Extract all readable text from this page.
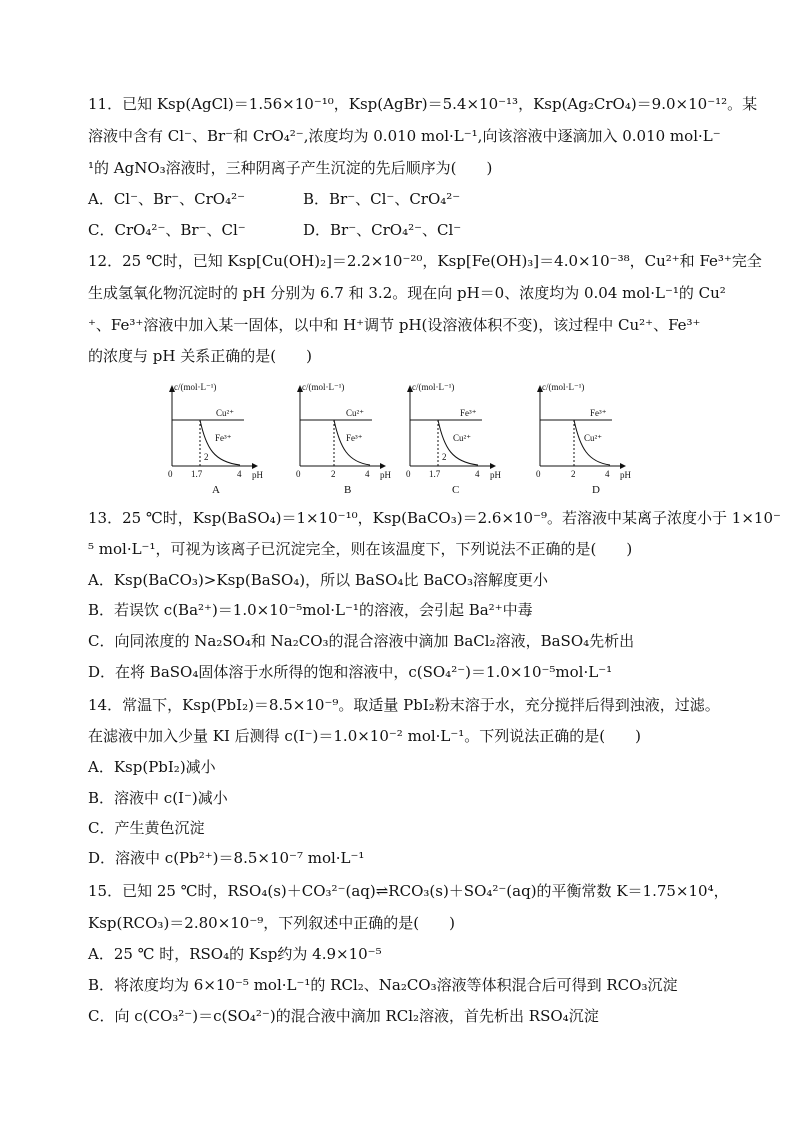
11．已知 Ksp(AgCl)＝1.56×10⁻¹⁰，Ksp(AgBr)＝5.4×10⁻¹³，Ksp(Ag₂CrO₄)＝9.0×10⁻¹²。某
溶液中含有 Cl⁻、Br⁻和 CrO₄²⁻,浓度均为 0.010 mol·L⁻¹,向该溶液中逐滴加入 0.010 mol·L⁻
¹的 AgNO₃溶液时，三种阴离子产生沉淀的先后顺序为(　　)
A．Cl⁻、Br⁻、CrO₄²⁻	B．Br⁻、Cl⁻、CrO₄²⁻
C．CrO₄²⁻、Br⁻、Cl⁻	D．Br⁻、CrO₄²⁻、Cl⁻
12．25 ℃时，已知 Ksp[Cu(OH)₂]＝2.2×10⁻²⁰，Ksp[Fe(OH)₃]＝4.0×10⁻³⁸，Cu²⁺和 Fe³⁺完全
生成氢氧化物沉淀时的 pH 分别为 6.7 和 3.2。现在向 pH＝0、浓度均为 0.04 mol·L⁻¹的 Cu²
⁺、Fe³⁺溶液中加入某一固体，以中和 H⁺调节 pH(设溶液体积不变)，该过程中 Cu²⁺、Fe³⁺
的浓度与 pH 关系正确的是(　　)
c/(mol·L⁻¹)
Cu²⁺
Fe³⁺
2
0 1.7	4 pH
A
c/(mol·L⁻¹)
Cu²⁺
Fe³⁺
0	2	4 pH
B
c/(mol·L⁻¹)
Fe³⁺
Cu²⁺
2
0 1.7	4 pH
C
c/(mol·L⁻¹)
Fe³⁺
Cu²⁺
0	2	4 pH
D
13．25 ℃时，Ksp(BaSO₄)＝1×10⁻¹⁰，Ksp(BaCO₃)＝2.6×10⁻⁹。若溶液中某离子浓度小于 1×10⁻
⁵ mol·L⁻¹，可视为该离子已沉淀完全，则在该温度下，下列说法不正确的是(　　)
A．Ksp(BaCO₃)>Ksp(BaSO₄)，所以 BaSO₄比 BaCO₃溶解度更小
B．若误饮 c(Ba²⁺)＝1.0×10⁻⁵mol·L⁻¹的溶液，会引起 Ba²⁺中毒
C．向同浓度的 Na₂SO₄和 Na₂CO₃的混合溶液中滴加 BaCl₂溶液，BaSO₄先析出
D．在将 BaSO₄固体溶于水所得的饱和溶液中，c(SO₄²⁻)＝1.0×10⁻⁵mol·L⁻¹
14．常温下，Ksp(PbI₂)＝8.5×10⁻⁹。取适量 PbI₂粉末溶于水，充分搅拌后得到浊液，过滤。
在滤液中加入少量 KI 后测得 c(I⁻)＝1.0×10⁻² mol·L⁻¹。下列说法正确的是(　　)
A．Ksp(PbI₂)减小
B．溶液中 c(I⁻)减小
C．产生黄色沉淀
D．溶液中 c(Pb²⁺)＝8.5×10⁻⁷ mol·L⁻¹
15．已知 25 ℃时，RSO₄(s)＋CO₃²⁻(aq)⇌RCO₃(s)＋SO₄²⁻(aq)的平衡常数 K＝1.75×10⁴，
Ksp(RCO₃)＝2.80×10⁻⁹，下列叙述中正确的是(　　)
A．25 ℃ 时，RSO₄的 Ksp约为 4.9×10⁻⁵
B．将浓度均为 6×10⁻⁵ mol·L⁻¹的 RCl₂、Na₂CO₃溶液等体积混合后可得到 RCO₃沉淀
C．向 c(CO₃²⁻)＝c(SO₄²⁻)的混合液中滴加 RCl₂溶液，首先析出 RSO₄沉淀
